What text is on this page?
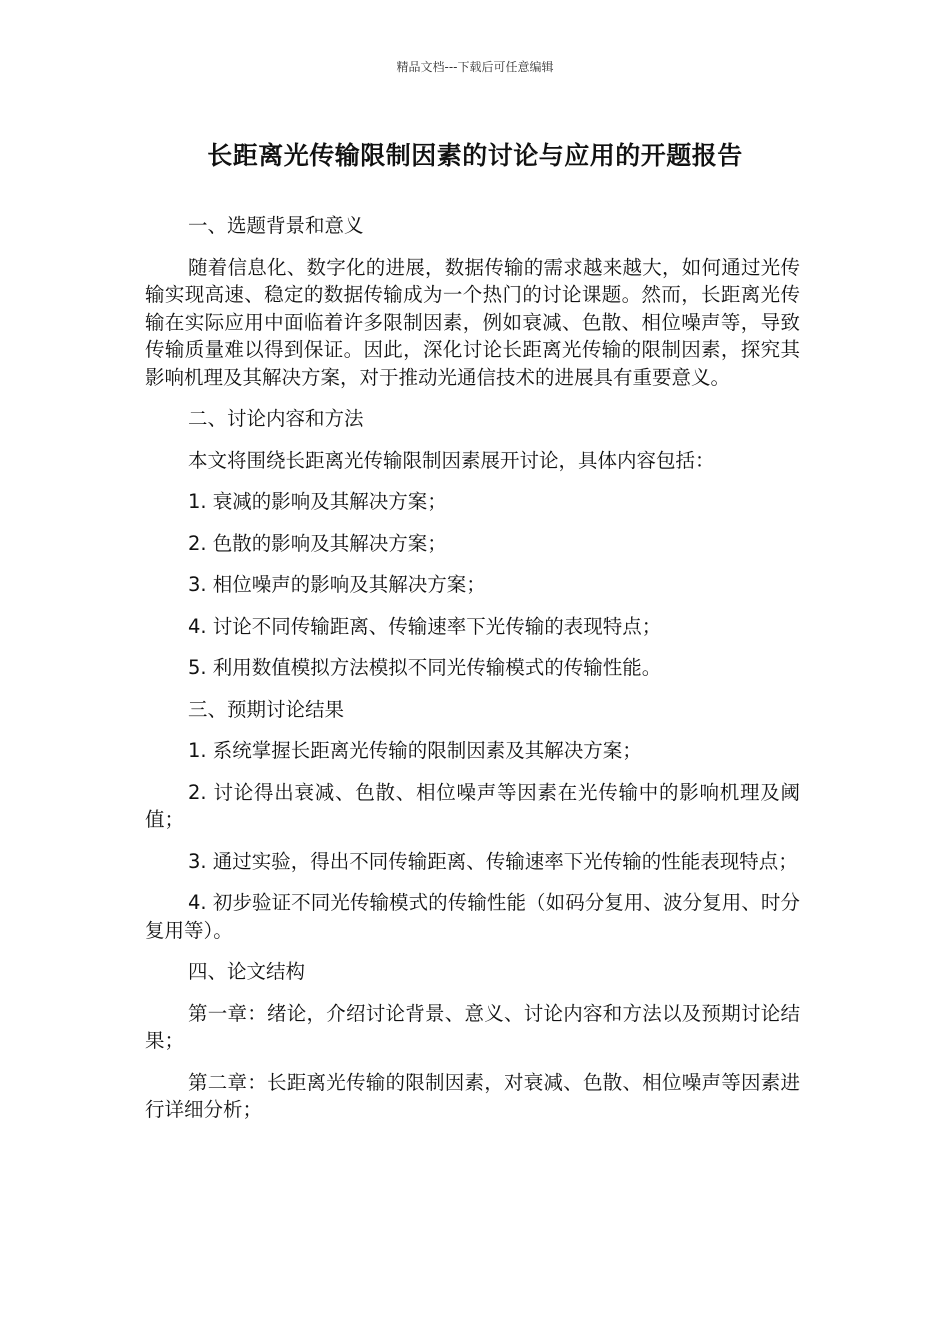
精品文档---下载后可任意编辑
长距离光传输限制因素的讨论与应用的开题报告

一、选题背景和意义

随着信息化、数字化的进展，数据传输的需求越来越大，如何通过光传输实现高速、稳定的数据传输成为一个热门的讨论课题。然而，长距离光传输在实际应用中面临着许多限制因素，例如衰减、色散、相位噪声等，导致传输质量难以得到保证。因此，深化讨论长距离光传输的限制因素，探究其影响机理及其解决方案，对于推动光通信技术的进展具有重要意义。

二、讨论内容和方法

本文将围绕长距离光传输限制因素展开讨论，具体内容包括：

1. 衰减的影响及其解决方案；

2. 色散的影响及其解决方案；

3. 相位噪声的影响及其解决方案；

4. 讨论不同传输距离、传输速率下光传输的表现特点；

5. 利用数值模拟方法模拟不同光传输模式的传输性能。

三、预期讨论结果

1. 系统掌握长距离光传输的限制因素及其解决方案；

2. 讨论得出衰减、色散、相位噪声等因素在光传输中的影响机理及阈值；

3. 通过实验，得出不同传输距离、传输速率下光传输的性能表现特点；

4. 初步验证不同光传输模式的传输性能（如码分复用、波分复用、时分复用等）。

四、论文结构

第一章：绪论，介绍讨论背景、意义、讨论内容和方法以及预期讨论结果；

第二章：长距离光传输的限制因素，对衰减、色散、相位噪声等因素进行详细分析；
